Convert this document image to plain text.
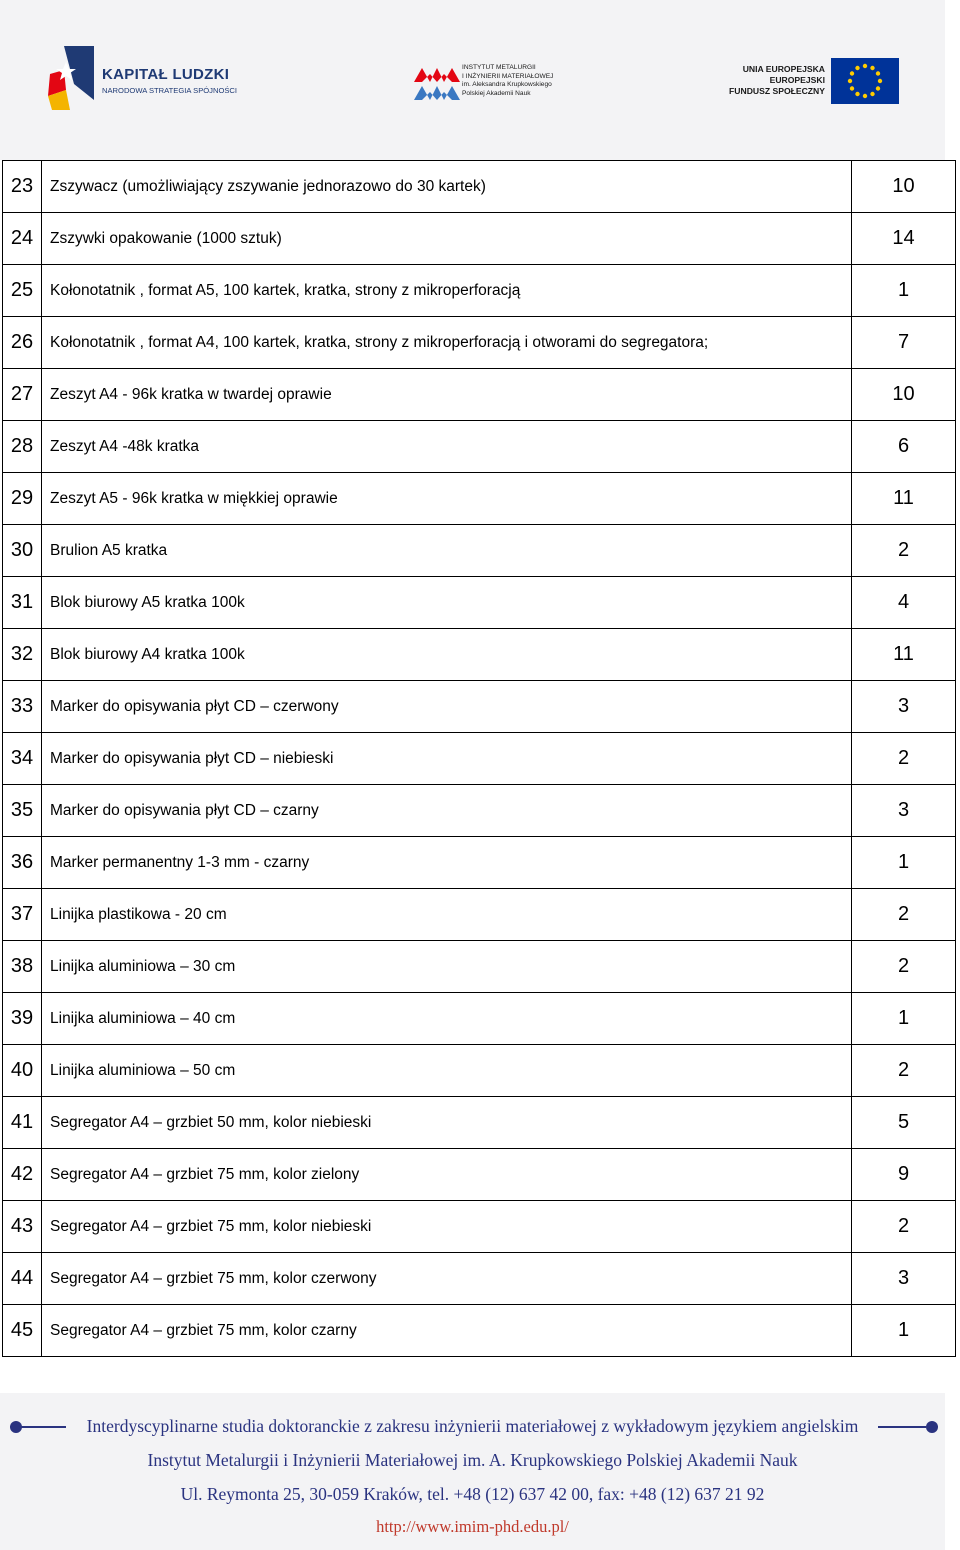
KAPITAŁ LUDZKI

NARODOWA STRATEGIA SPÓJNOŚCI

INSTYTUT METALURGII
I INŻYNIERII MATERIAŁOWEJ
im. Aleksandra Krupkowskiego
Polskiej Akademii Nauk

UNIA EUROPEJSKA
EUROPEJSKI
FUNDUSZ SPOŁECZNY

23	Zszywacz (umożliwiający zszywanie jednorazowo do 30 kartek)	10
24	Zszywki opakowanie (1000 sztuk)	14
25	Kołonotatnik , format A5, 100 kartek, kratka, strony z mikroperforacją	1
26	Kołonotatnik , format A4, 100 kartek, kratka, strony z mikroperforacją i otworami do segregatora;	7
27	Zeszyt A4 - 96k kratka w twardej oprawie	10
28	Zeszyt A4 -48k kratka	6
29	Zeszyt A5 - 96k kratka w miękkiej oprawie	11
30	Brulion A5 kratka	2
31	Blok biurowy A5 kratka 100k	4
32	Blok biurowy A4 kratka 100k	11
33	Marker do opisywania płyt CD – czerwony	3
34	Marker do opisywania płyt CD – niebieski	2
35	Marker do opisywania płyt CD – czarny	3
36	Marker permanentny 1-3 mm - czarny	1
37	Linijka plastikowa - 20 cm	2
38	Linijka aluminiowa – 30 cm	2
39	Linijka aluminiowa – 40 cm	1
40	Linijka aluminiowa – 50 cm	2
41	Segregator A4 – grzbiet 50 mm, kolor niebieski	5
42	Segregator A4 – grzbiet 75 mm, kolor zielony	9
43	Segregator A4 – grzbiet 75 mm, kolor niebieski	2
44	Segregator A4 – grzbiet 75 mm, kolor czerwony	3
45	Segregator A4 – grzbiet 75 mm, kolor czarny	1

Interdyscyplinarne studia doktoranckie z zakresu inżynierii materiałowej z wykładowym językiem angielskim

Instytut Metalurgii i Inżynierii Materiałowej im. A. Krupkowskiego Polskiej Akademii Nauk

Ul. Reymonta 25, 30-059 Kraków, tel. +48 (12) 637 42 00, fax: +48 (12) 637 21 92

http://www.imim-phd.edu.pl/
